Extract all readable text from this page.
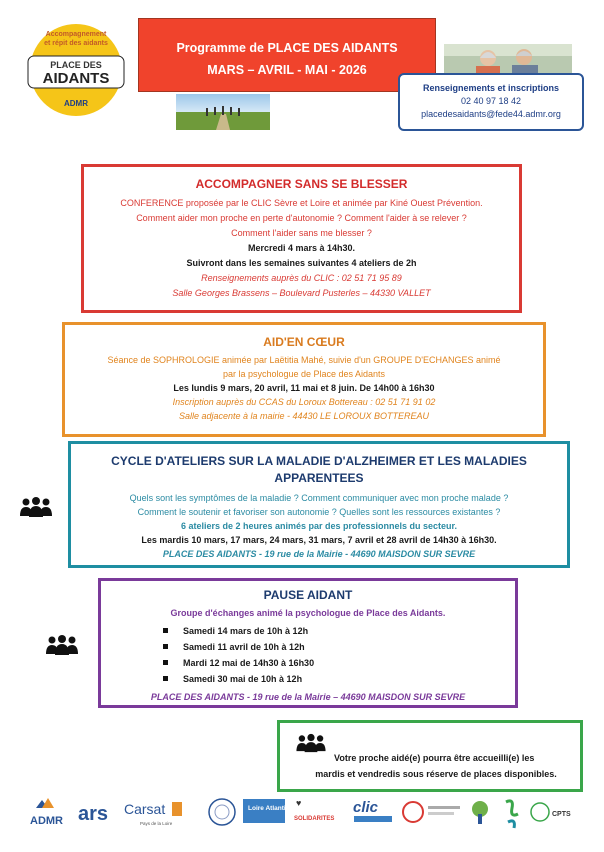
Accompagnement
et répit des aidants
PLACE DES
AIDANTS
ADMR
Programme de PLACE DES AIDANTS
MARS – AVRIL - MAI - 2026
Renseignements et inscriptions
02 40 97 18 42
placedesaidants@fede44.admr.org
ACCOMPAGNER SANS SE BLESSER
CONFERENCE proposée par le CLIC Sèvre et Loire et animée par Kiné Ouest Prévention.
Comment aider mon proche en perte d'autonomie ? Comment l'aider à se relever ?
Comment l'aider sans me blesser ?
Mercredi 4 mars à 14h30.
Suivront dans les semaines suivantes 4 ateliers de 2h
Renseignements auprès du CLIC : 02 51 71 95 89
Salle Georges Brassens – Boulevard Pusterles – 44330 VALLET
AID'EN CŒUR
Séance de SOPHROLOGIE animée par Laëtitia Mahé, suivie d'un GROUPE D'ECHANGES animé
par la psychologue de Place des Aidants
Les lundis 9 mars, 20 avril, 11 mai et 8 juin. De 14h00 à 16h30
Inscription auprès du CCAS du Loroux Bottereau : 02 51 71 91 02
Salle adjacente à la mairie - 44430 LE LOROUX BOTTEREAU
CYCLE D'ATELIERS SUR LA MALADIE D'ALZHEIMER ET LES MALADIES
APPARENTEES
Quels sont les symptômes de la maladie ? Comment communiquer avec mon proche malade ?
Comment le soutenir et favoriser son autonomie ? Quelles sont les ressources existantes ?
6 ateliers de 2 heures animés par des professionnels du secteur.
Les mardis 10 mars, 17 mars, 24 mars, 31 mars, 7 avril et 28 avril de 14h30 à 16h30.
PLACE DES AIDANTS - 19 rue de la Mairie - 44690 MAISDON SUR SEVRE
PAUSE AIDANT
Groupe d'échanges animé la psychologue de Place des Aidants.
Samedi 14 mars de 10h à 12h
Samedi 11 avril de 10h à 12h
Mardi 12 mai de 14h30 à 16h30
Samedi 30 mai de 10h à 12h
PLACE DES AIDANTS - 19 rue de la Mairie – 44690 MAISDON SUR SEVRE
Votre proche aidé(e) pourra être accueilli(e) les
mardis et vendredis sous réserve de places disponibles.
ADMR ars Carsat
Pays de la Loire
Loire Atlantique
♥
SOLIDARITES
clic	CPTS
